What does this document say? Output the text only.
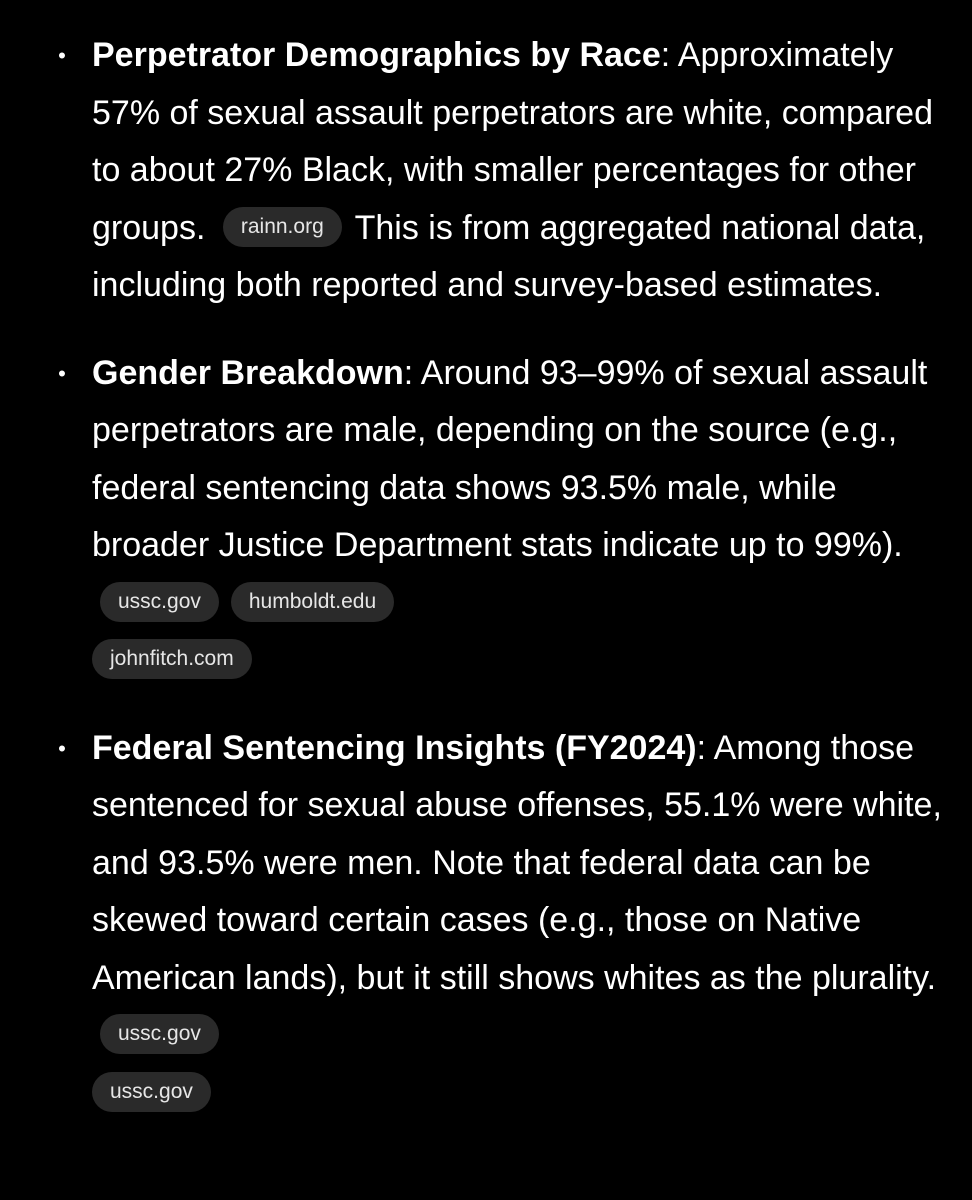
• Perpetrator Demographics by Race: Approximately 57% of sexual assault perpetrators are white, compared to about 27% Black, with smaller percentages for other groups. rainn.org This is from aggregated national data, including both reported and survey-based estimates.
• Gender Breakdown: Around 93–99% of sexual assault perpetrators are male, depending on the source (e.g., federal sentencing data shows 93.5% male, while broader Justice Department stats indicate up to 99%). ussc.gov humboldt.edu
johnfitch.com
• Federal Sentencing Insights (FY2024): Among those sentenced for sexual abuse offenses, 55.1% were white, and 93.5% were men. Note that federal data can be skewed toward certain cases (e.g., those on Native American lands), but it still shows whites as the plurality. ussc.gov
ussc.gov
